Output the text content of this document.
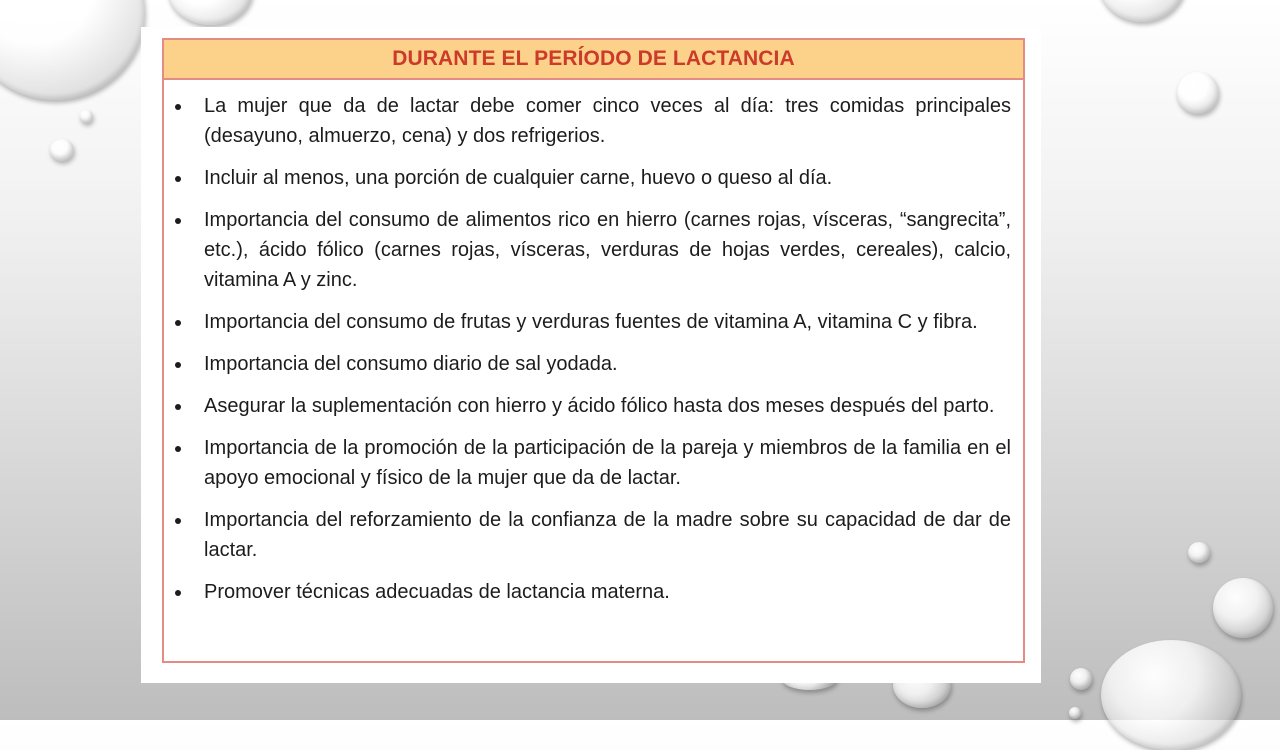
DURANTE EL PERÍODO DE LACTANCIA
La mujer que da de lactar debe comer cinco veces al día: tres comidas principales (desayuno, almuerzo, cena) y dos refrigerios.
Incluir al menos, una porción de cualquier carne, huevo o queso al día.
Importancia del consumo de alimentos rico en hierro (carnes rojas, vísceras, “sangrecita”, etc.), ácido fólico (carnes rojas, vísceras, verduras de hojas verdes, cereales), calcio, vitamina A y zinc.
Importancia del consumo de frutas y verduras fuentes de vitamina A, vitamina C y fibra.
Importancia del consumo diario de sal yodada.
Asegurar la suplementación con hierro y ácido fólico hasta dos meses después del parto.
Importancia de la promoción de la participación de la pareja y miembros de la familia en el apoyo emocional y físico de la mujer que da de lactar.
Importancia del reforzamiento de la confianza de la madre sobre su capacidad de dar de lactar.
Promover técnicas adecuadas de lactancia materna.
